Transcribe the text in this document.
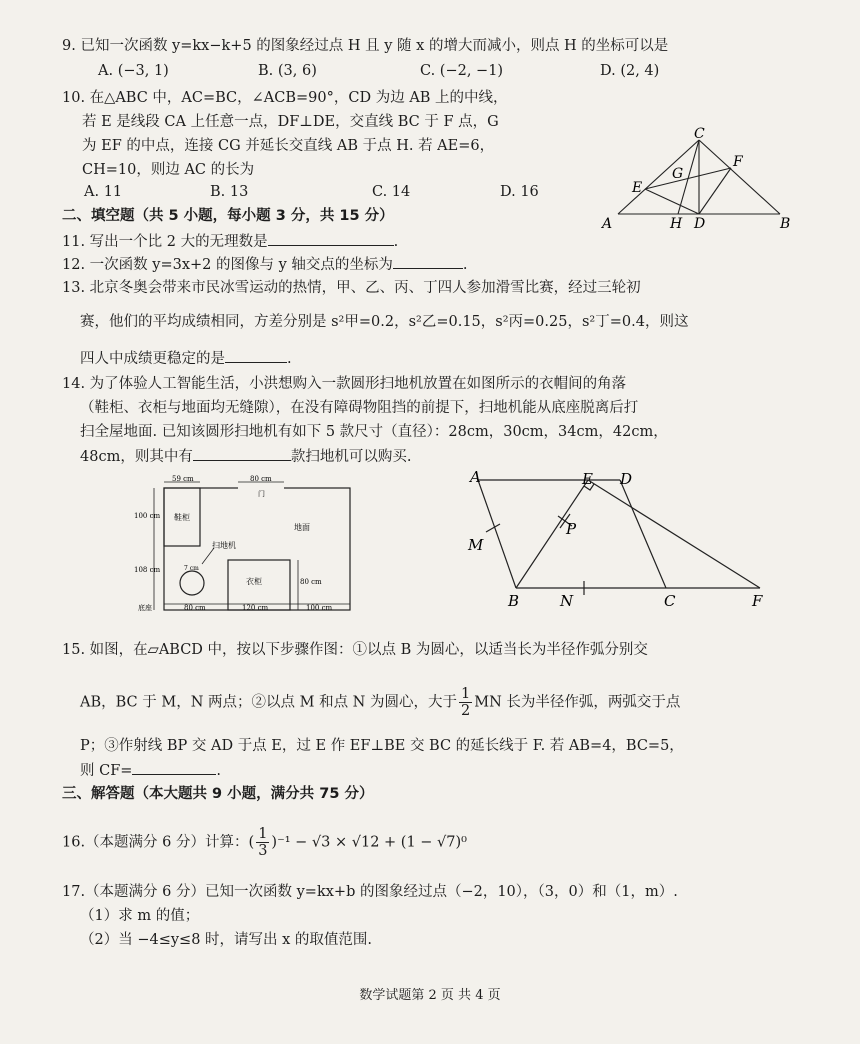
9. 已知一次函数 y=kx−k+5 的图象经过点 H 且 y 随 x 的增大而减小，则点 H 的坐标可以是
A. (−3, 1)	B. (3, 6)	C. (−2, −1)	D. (2, 4)
10. 在△ABC 中，AC=BC，∠ACB=90°，CD 为边 AB 上的中线，
若 E 是线段 CA 上任意一点，DF⊥DE，交直线 BC 于 F 点，G
为 EF 的中点，连接 CG 并延长交直线 AB 于点 H. 若 AE=6，
CH=10，则边 AC 的长为
A. 11	B. 13	C. 14	D. 16
A	B
C
D
E
F
G
H
二、填空题（共 5 小题，每小题 3 分，共 15 分）
11. 写出一个比 2 大的无理数是	.
12. 一次函数 y=3x+2 的图像与 y 轴交点的坐标为	.
13. 北京冬奥会带来市民冰雪运动的热情，甲、乙、丙、丁四人参加滑雪比赛，经过三轮初
赛，他们的平均成绩相同，方差分别是 s²甲=0.2，s²乙=0.15，s²丙=0.25，s²丁=0.4，则这
四人中成绩更稳定的是	.
14. 为了体验人工智能生活，小洪想购入一款圆形扫地机放置在如图所示的衣帽间的角落
（鞋柜、衣柜与地面均无缝隙），在没有障碍物阻挡的前提下，扫地机能从底座脱离后打
扫全屋地面. 已知该圆形扫地机有如下 5 款尺寸（直径）：28cm，30cm，34cm，42cm，
48cm，则其中有	款扫地机可以购买.
59 cm	80 cm
门
鞋柜
地面
扫地机
100 cm
108 cm	7 cm
衣柜	80 cm
底座	80 cm	120 cm	100 cm
A	E D
M
P
B	N	C	F
15. 如图，在▱ABCD 中，按以下步骤作图：①以点 B 为圆心，以适当长为半径作弧分别交
AB，BC 于 M，N 两点；②以点 M 和点 N 为圆心，大于 $\frac{1}{2}$ MN 长为半径作弧，两弧交于点
P；③作射线 BP 交 AD 于点 E，过 E 作 EF⊥BE 交 BC 的延长线于 F. 若 AB=4，BC=5，
则 CF=	.
三、解答题（本大题共 9 小题，满分共 75 分）
16.（本题满分 6 分）计算：( $\frac{1}{3} )^{-1} - √3 \times √12 + (1 - √7)^0$
17.（本题满分 6 分）已知一次函数 y=kx+b 的图象经过点（−2，10），（3，0）和（1，m）.
（1）求 m 的值；
（2）当 −4≤y≤8 时，请写出 x 的取值范围.
数学试题第 2 页 共 4 页
